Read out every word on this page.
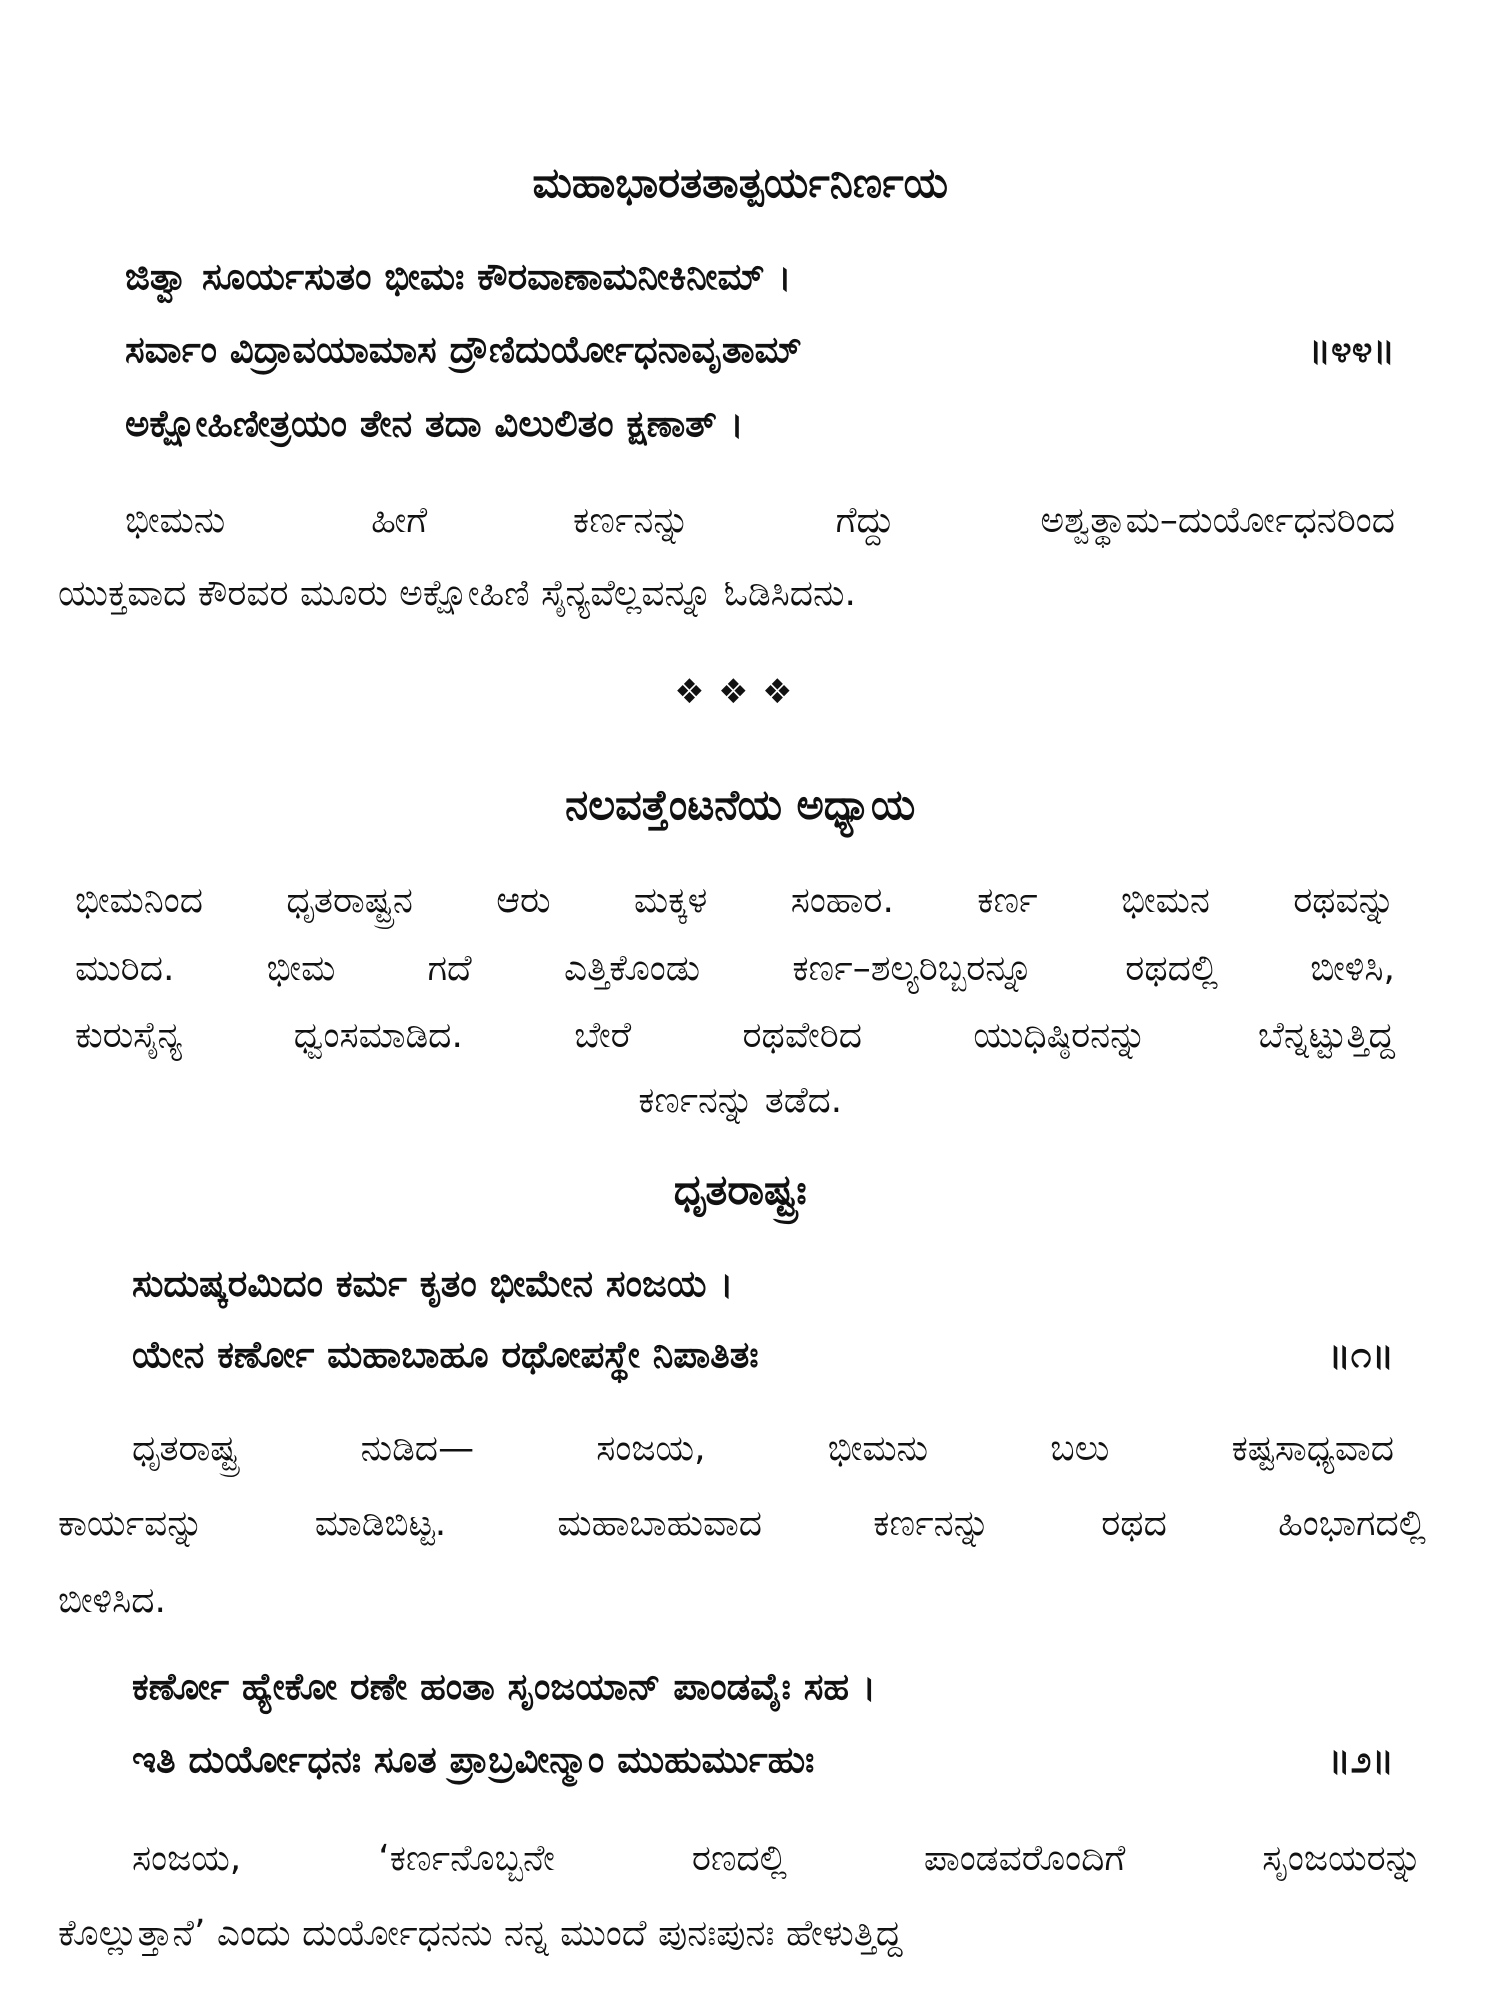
ಮಹಾಭಾರತತಾತ್ಪರ್ಯನಿರ್ಣಯ
ಜಿತ್ವಾ ಸೂರ್ಯಸುತಂ ಭೀಮಃ ಕೌರವಾಣಾಮನೀಕಿನೀಮ್ ।
ಸರ್ವಾಂ ವಿದ್ರಾವಯಾಮಾಸ ದ್ರೌಣಿದುರ್ಯೋಧನಾವೃತಾಮ್	॥೪೪॥
ಅಕ್ಷೋಹಿಣೀತ್ರಯಂ ತೇನ ತದಾ ವಿಲುಲಿತಂ ಕ್ಷಣಾತ್ ।
ಭೀಮನು ಹೀಗೆ ಕರ್ಣನನ್ನು ಗೆದ್ದು ಅಶ್ವತ್ಥಾಮ–ದುರ್ಯೋಧನರಿಂದ
ಯುಕ್ತವಾದ ಕೌರವರ ಮೂರು ಅಕ್ಷೋಹಿಣಿ ಸೈನ್ಯವೆಲ್ಲವನ್ನೂ ಓಡಿಸಿದನು.
❖❖❖
ನಲವತ್ತೆಂಟನೆಯ ಅಧ್ಯಾಯ
ಭೀಮನಿಂದ ಧೃತರಾಷ್ಟ್ರನ ಆರು ಮಕ್ಕಳ ಸಂಹಾರ. ಕರ್ಣ ಭೀಮನ ರಥವನ್ನು
ಮುರಿದ. ಭೀಮ ಗದೆ ಎತ್ತಿಕೊಂಡು ಕರ್ಣ–ಶಲ್ಯರಿಬ್ಬರನ್ನೂ ರಥದಲ್ಲಿ ಬೀಳಿಸಿ,
ಕುರುಸೈನ್ಯ ಧ್ವಂಸಮಾಡಿದ. ಬೇರೆ ರಥವೇರಿದ ಯುಧಿಷ್ಠಿರನನ್ನು ಬೆನ್ನಟ್ಟುತ್ತಿದ್ದ
ಕರ್ಣನನ್ನು ತಡೆದ.
ಧೃತರಾಷ್ಟ್ರಃ
ಸುದುಷ್ಕರಮಿದಂ ಕರ್ಮ ಕೃತಂ ಭೀಮೇನ ಸಂಜಯ ।
ಯೇನ ಕರ್ಣೋ ಮಹಾಬಾಹೂ ರಥೋಪಸ್ಥೇ ನಿಪಾತಿತಃ	॥೧॥
ಧೃತರಾಷ್ಟ್ರ ನುಡಿದ— ಸಂಜಯ, ಭೀಮನು ಬಲು ಕಷ್ಟಸಾಧ್ಯವಾದ
ಕಾರ್ಯವನ್ನು ಮಾಡಿಬಿಟ್ಟ. ಮಹಾಬಾಹುವಾದ ಕರ್ಣನನ್ನು ರಥದ ಹಿಂಭಾಗದಲ್ಲಿ
ಬೀಳಿಸಿದ.
ಕರ್ಣೋ ಹ್ಯೇಕೋ ರಣೇ ಹಂತಾ ಸೃಂಜಯಾನ್ ಪಾಂಡವೈಃ ಸಹ ।
ಇತಿ ದುರ್ಯೋಧನಃ ಸೂತ ಪ್ರಾಬ್ರವೀನ್ಮಾಂ ಮುಹುರ್ಮುಹುಃ	॥೨॥
ಸಂಜಯ, ‘ಕರ್ಣನೊಬ್ಬನೇ ರಣದಲ್ಲಿ ಪಾಂಡವರೊಂದಿಗೆ ಸೃಂಜಯರನ್ನು
ಕೊಲ್ಲುತ್ತಾನೆ’ ಎಂದು ದುರ್ಯೋಧನನು ನನ್ನ ಮುಂದೆ ಪುನಃಪುನಃ ಹೇಳುತ್ತಿದ್ದ
